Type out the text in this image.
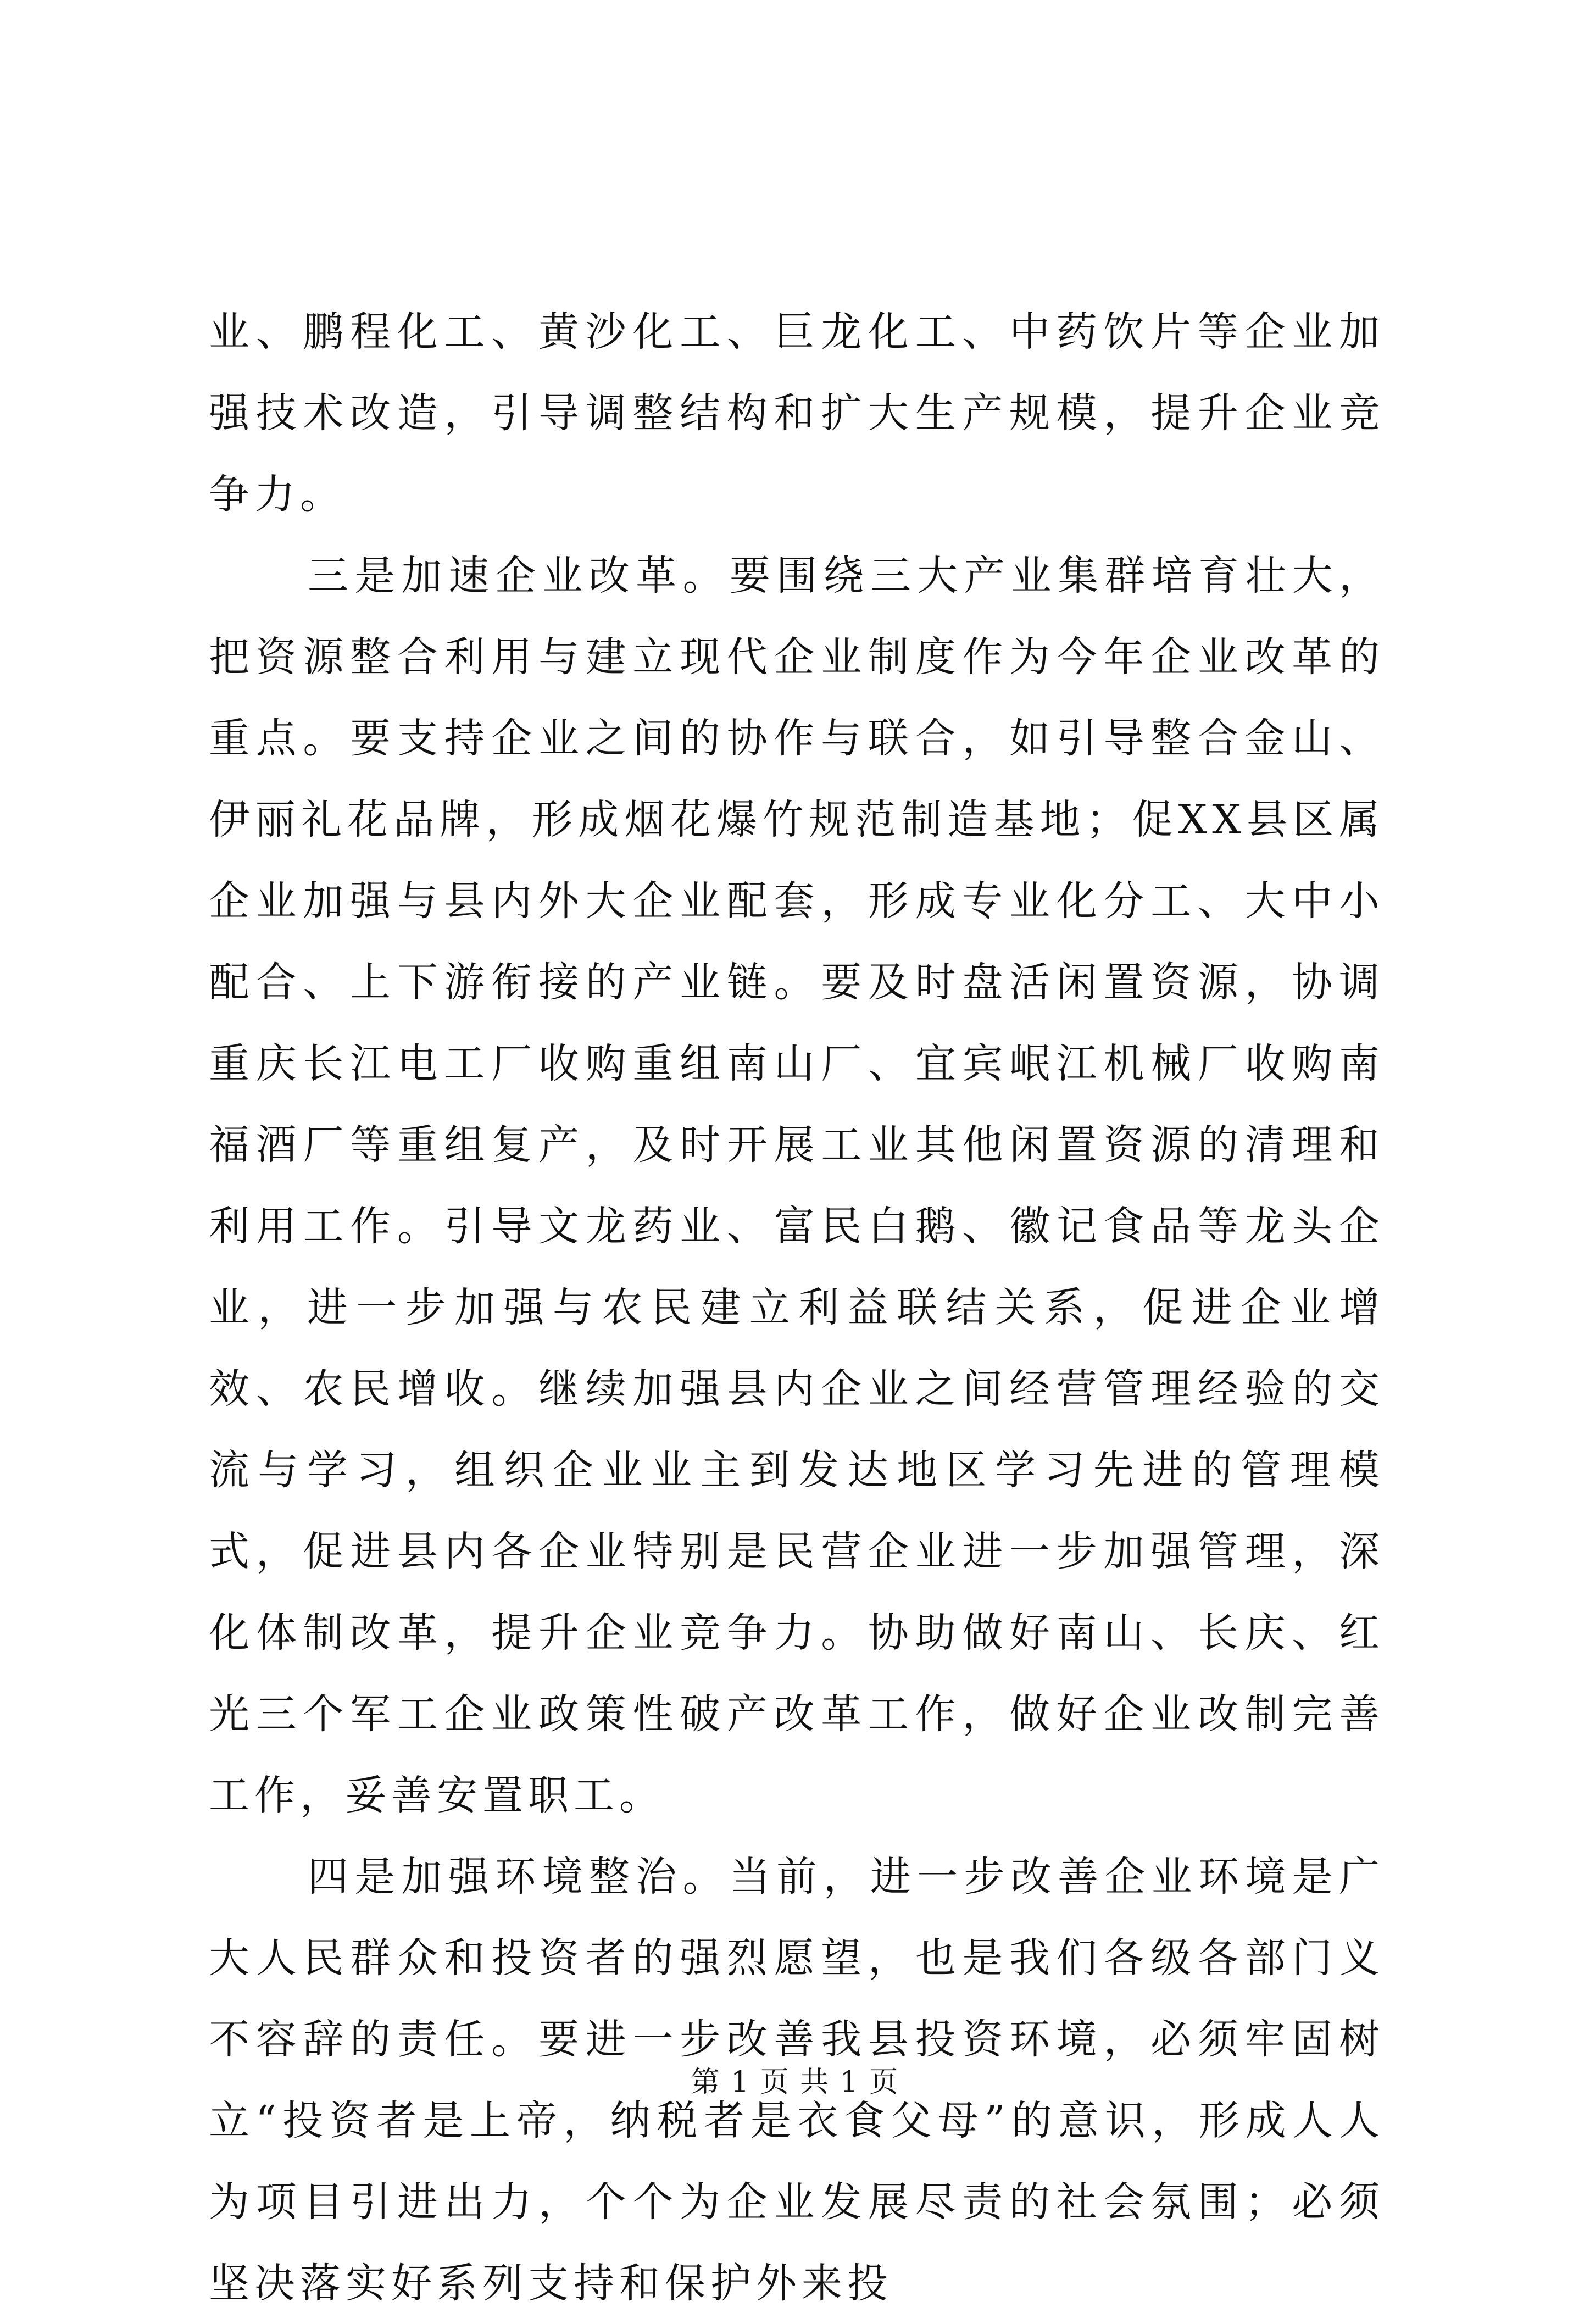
业、鹏程化工、黄沙化工、巨龙化工、中药饮片等企业加强技术改造，引导调整结构和扩大生产规模，提升企业竞争力。

三是加速企业改革。要围绕三大产业集群培育壮大，把资源整合利用与建立现代企业制度作为今年企业改革的重点。要支持企业之间的协作与联合，如引导整合金山、伊丽礼花品牌，形成烟花爆竹规范制造基地；促XX县区属企业加强与县内外大企业配套，形成专业化分工、大中小配合、上下游衔接的产业链。要及时盘活闲置资源，协调重庆长江电工厂收购重组南山厂、宜宾岷江机械厂收购南福酒厂等重组复产，及时开展工业其他闲置资源的清理和利用工作。引导文龙药业、富民白鹅、徽记食品等龙头企业，进一步加强与农民建立利益联结关系，促进企业增效、农民增收。继续加强县内企业之间经营管理经验的交流与学习，组织企业业主到发达地区学习先进的管理模式，促进县内各企业特别是民营企业进一步加强管理，深化体制改革，提升企业竞争力。协助做好南山、长庆、红光三个军工企业政策性破产改革工作，做好企业改制完善工作，妥善安置职工。

四是加强环境整治。当前，进一步改善企业环境是广大人民群众和投资者的强烈愿望，也是我们各级各部门义不容辞的责任。要进一步改善我县投资环境，必须牢固树立“投资者是上帝，纳税者是衣食父母”的意识，形成人人为项目引进出力，个个为企业发展尽责的社会氛围；必须坚决落实好系列支持和保护外来投

第 1 页 共 1 页
